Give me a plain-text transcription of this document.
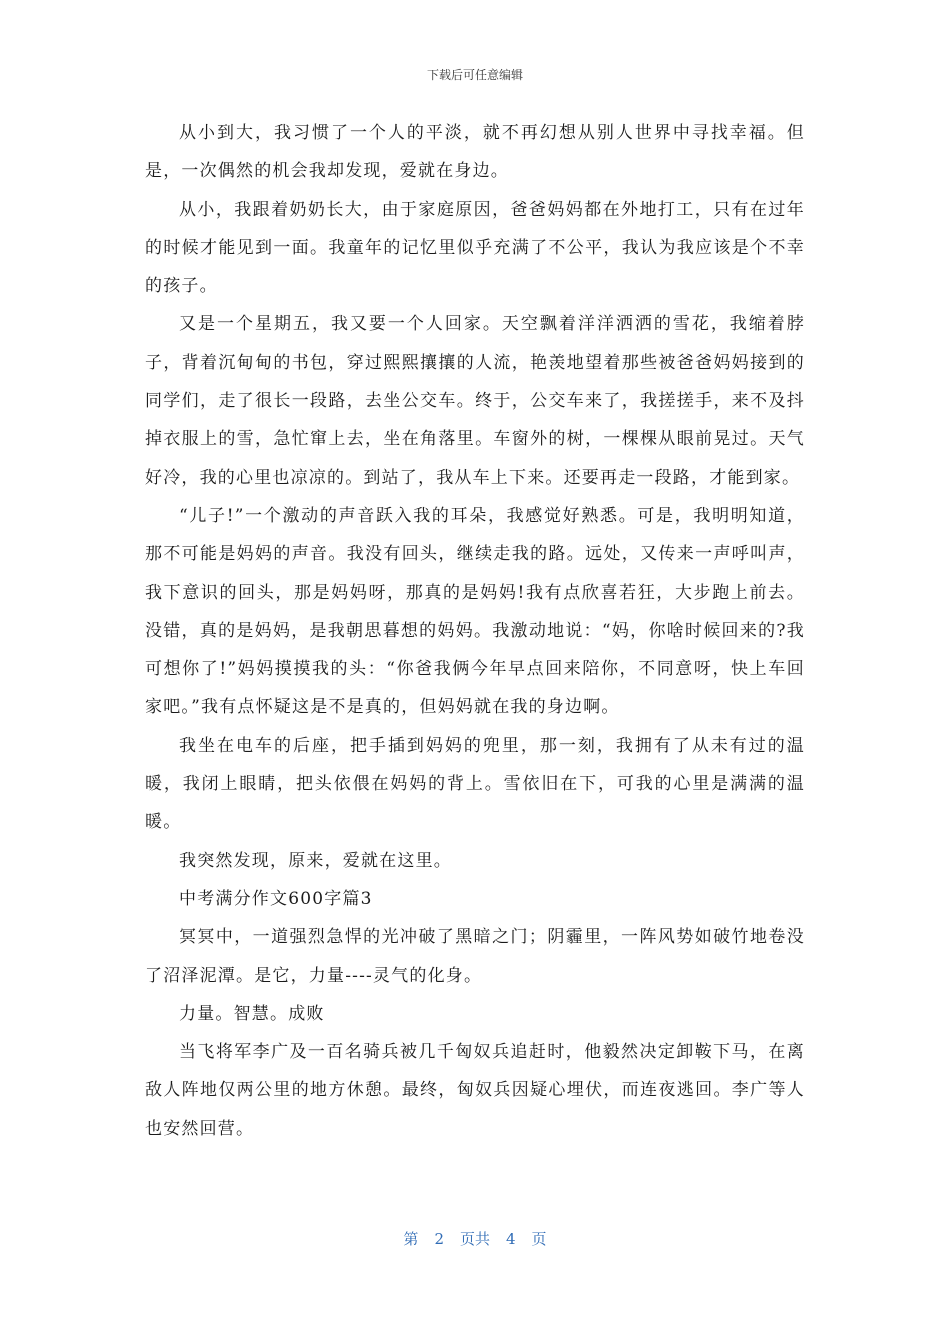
下载后可任意编辑

从小到大，我习惯了一个人的平淡，就不再幻想从别人世界中寻找幸福。但是，一次偶然的机会我却发现，爱就在身边。

从小，我跟着奶奶长大，由于家庭原因，爸爸妈妈都在外地打工，只有在过年的时候才能见到一面。我童年的记忆里似乎充满了不公平，我认为我应该是个不幸的孩子。

又是一个星期五，我又要一个人回家。天空飘着洋洋洒洒的雪花，我缩着脖子，背着沉甸甸的书包，穿过熙熙攘攘的人流，艳羡地望着那些被爸爸妈妈接到的同学们，走了很长一段路，去坐公交车。终于，公交车来了，我搓搓手，来不及抖掉衣服上的雪，急忙窜上去，坐在角落里。车窗外的树，一棵棵从眼前晃过。天气好冷，我的心里也凉凉的。到站了，我从车上下来。还要再走一段路，才能到家。

“儿子!”一个激动的声音跃入我的耳朵，我感觉好熟悉。可是，我明明知道，那不可能是妈妈的声音。我没有回头，继续走我的路。远处，又传来一声呼叫声，我下意识的回头，那是妈妈呀，那真的是妈妈!我有点欣喜若狂，大步跑上前去。没错，真的是妈妈，是我朝思暮想的妈妈。我激动地说：“妈，你啥时候回来的?我可想你了!”妈妈摸摸我的头：“你爸我俩今年早点回来陪你，不同意呀，快上车回家吧。”我有点怀疑这是不是真的，但妈妈就在我的身边啊。

我坐在电车的后座，把手插到妈妈的兜里，那一刻，我拥有了从未有过的温暖，我闭上眼睛，把头依偎在妈妈的背上。雪依旧在下，可我的心里是满满的温暖。

我突然发现，原来，爱就在这里。

中考满分作文600字篇3

冥冥中，一道强烈急悍的光冲破了黑暗之门；阴霾里，一阵风势如破竹地卷没了沼泽泥潭。是它，力量----灵气的化身。

力量。智慧。成败

当飞将军李广及一百名骑兵被几千匈奴兵追赶时，他毅然决定卸鞍下马，在离敌人阵地仅两公里的地方休憩。最终，匈奴兵因疑心埋伏，而连夜逃回。李广等人也安然回营。

第 2 页共 4 页
